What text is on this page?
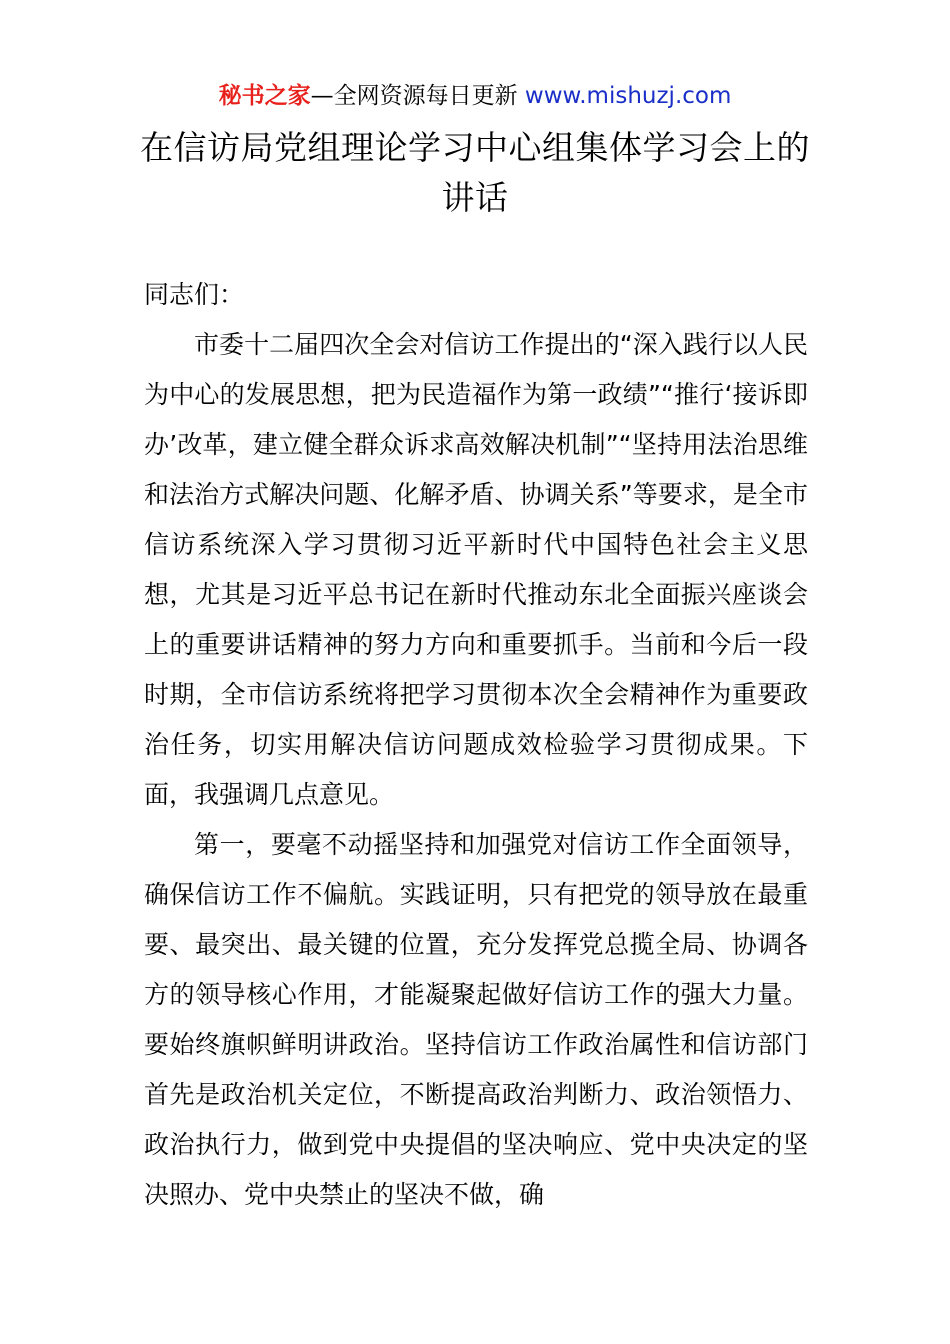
秘书之家—全网资源每日更新 www.mishuzj.com
在信访局党组理论学习中心组集体学习会上的讲话

同志们：

市委十二届四次全会对信访工作提出的“深入践行以人民为中心的发展思想，把为民造福作为第一政绩”“推行‘接诉即办’改革，建立健全群众诉求高效解决机制”“坚持用法治思维和法治方式解决问题、化解矛盾、协调关系”等要求，是全市信访系统深入学习贯彻习近平新时代中国特色社会主义思想，尤其是习近平总书记在新时代推动东北全面振兴座谈会上的重要讲话精神的努力方向和重要抓手。当前和今后一段时期，全市信访系统将把学习贯彻本次全会精神作为重要政治任务，切实用解决信访问题成效检验学习贯彻成果。下面，我强调几点意见。

第一，要毫不动摇坚持和加强党对信访工作全面领导，确保信访工作不偏航。实践证明，只有把党的领导放在最重要、最突出、最关键的位置，充分发挥党总揽全局、协调各方的领导核心作用，才能凝聚起做好信访工作的强大力量。要始终旗帜鲜明讲政治。坚持信访工作政治属性和信访部门首先是政治机关定位，不断提高政治判断力、政治领悟力、政治执行力，做到党中央提倡的坚决响应、党中央决定的坚决照办、党中央禁止的坚决不做，确
